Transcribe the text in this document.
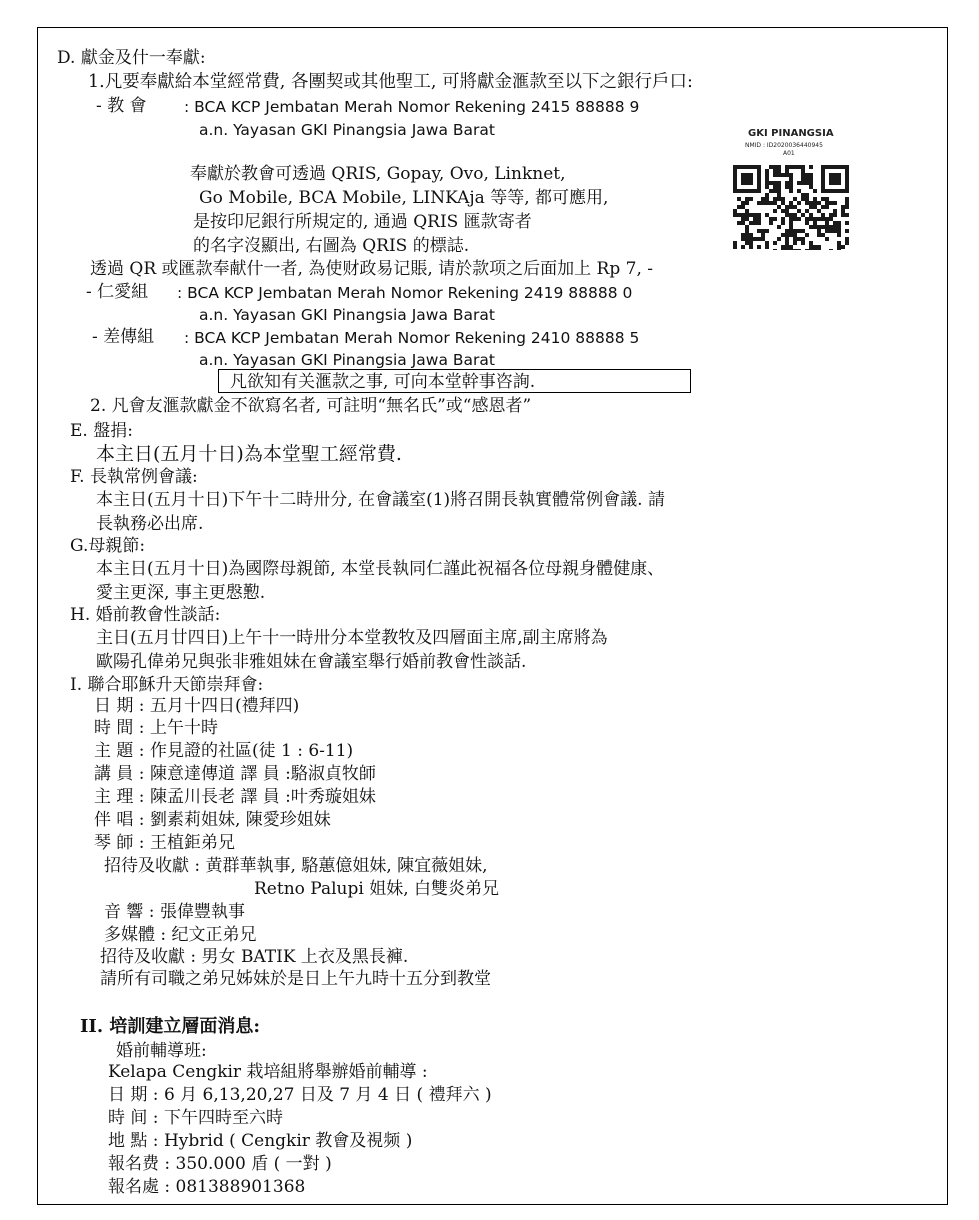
D. 獻金及什一奉獻:
1.凡要奉獻給本堂經常費, 各團契或其他聖工, 可將獻金滙款至以下之銀行戶口:
- 教 會 : BCA KCP Jembatan Merah Nomor Rekening 2415 88888 9
a.n. Yayasan GKI Pinangsia Jawa Barat
奉獻於教會可透過 QRIS, Gopay, Ovo, Linknet,
Go Mobile, BCA Mobile, LINKAja 等等, 都可應用,
是按印尼銀行所規定的, 通過 QRIS 匯款寄者
的名字沒顯出, 右圖為 QRIS 的標誌.
GKI PINANGSIA
NMID : ID2020036440945
A01
透過 QR 或匯款奉献什一者, 為使财政易记賬, 请於款项之后面加上 Rp 7, -
- 仁愛組 : BCA KCP Jembatan Merah Nomor Rekening 2419 88888 0
a.n. Yayasan GKI Pinangsia Jawa Barat
- 差傳組 : BCA KCP Jembatan Merah Nomor Rekening 2410 88888 5
a.n. Yayasan GKI Pinangsia Jawa Barat
凡欲知有关滙款之事, 可向本堂幹事咨詢.
2. 凡會友滙款獻金不欲寫名者, 可註明“無名氏”或“感恩者”
E. 盤捐:
本主日(五月十日)為本堂聖工經常費.
F. 長執常例會議:
本主日(五月十日)下午十二時卅分, 在會議室(1)將召開長執實體常例會議. 請
長執務必出席.
G.母親節:
本主日(五月十日)為國際母親節, 本堂長執同仁謹此祝福各位母親身體健康、
愛主更深, 事主更慇懃.
H. 婚前教會性談話:
主日(五月廿四日)上午十一時卅分本堂教牧及四層面主席,副主席將為
歐陽孔偉弟兄與张非雅姐妹在會議室舉行婚前教會性談話.
I. 聯合耶穌升天節崇拜會:
日 期 : 五月十四日(禮拜四)
時 間 : 上午十時
主 題 : 作見證的社區(徒 1 : 6-11)
講 員 : 陳意達傳道 譯 員 :駱淑貞牧師
主 理 : 陳孟川長老 譯 員 :叶秀璇姐妹
伴 唱 : 劉素莉姐妹, 陳愛珍姐妹
琴 師 : 王植鉅弟兄
招待及收獻 : 黄群華執事, 駱蕙億姐妹, 陳宜薇姐妹,
Retno Palupi 姐妹, 白雙炎弟兄
音 響 : 張偉豐執事
多媒體 : 纪文正弟兄
招待及收獻 : 男女 BATIK 上衣及黑長褲.
請所有司職之弟兄姊妹於是日上午九時十五分到教堂
II. 培訓建立層面消息:
婚前輔導班:
Kelapa Cengkir 栽培組將舉辦婚前輔導 :
日 期 : 6 月 6,13,20,27 日及 7 月 4 日 ( 禮拜六 )
時 间 : 下午四時至六時
地 點 : Hybrid ( Cengkir 教會及視频 )
報名费 : 350.000 盾 ( 一對 )
報名處 : 081388901368
